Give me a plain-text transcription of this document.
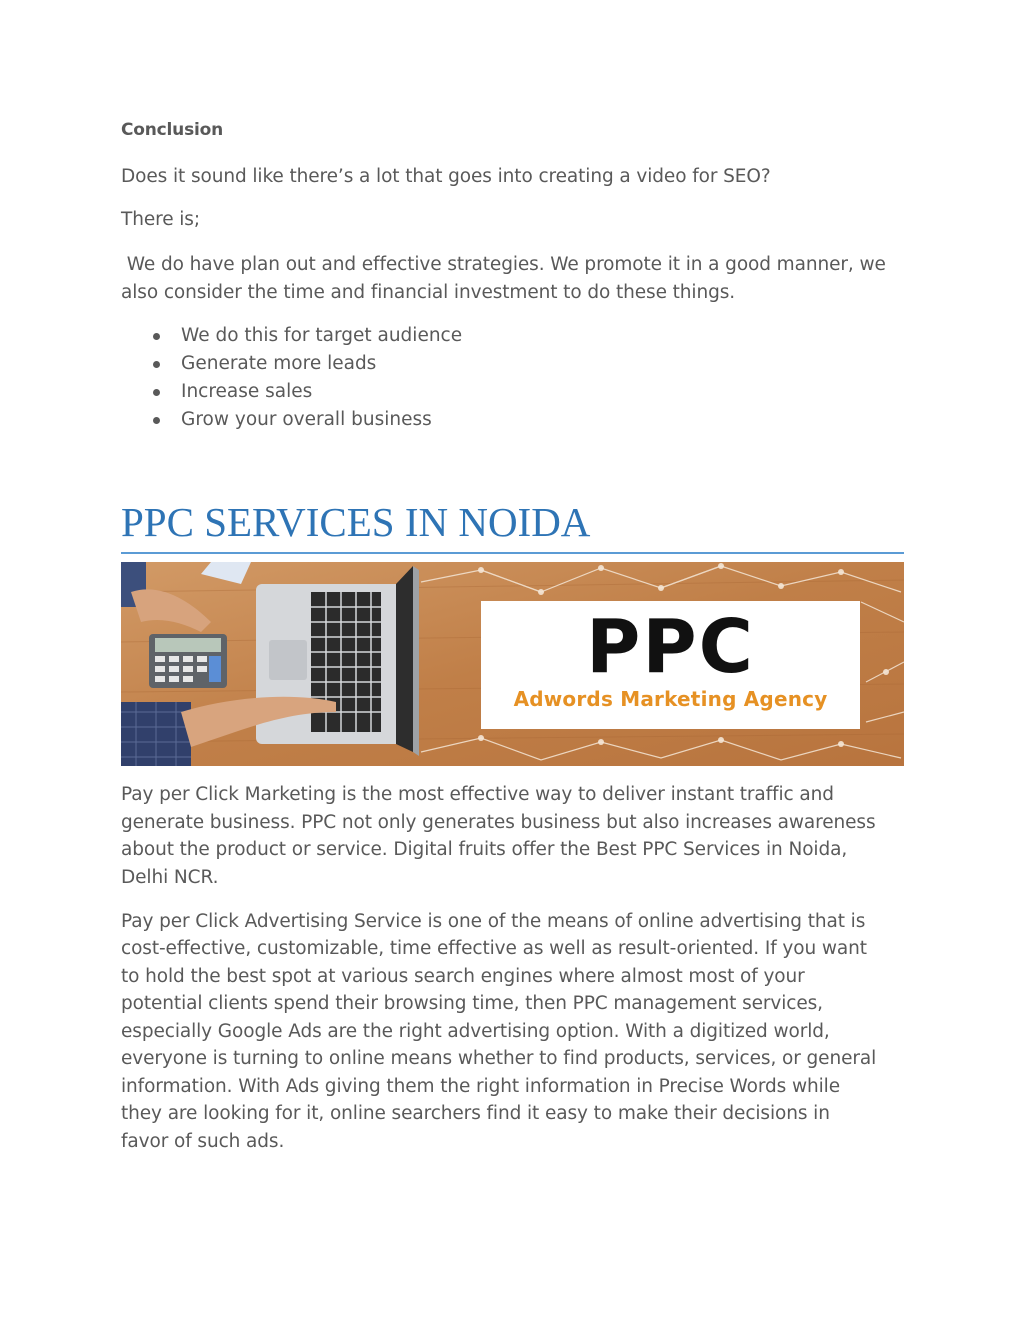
Conclusion
Does it sound like there’s a lot that goes into creating a video for SEO?
There is;
We do have plan out and effective strategies. We promote it in a good manner, we
also consider the time and financial investment to do these things.
We do this for target audience
Generate more leads
Increase sales
Grow your overall business
PPC SERVICES IN NOIDA
PPC
Adwords Marketing Agency
Pay per Click Marketing is the most effective way to deliver instant traffic and
generate business. PPC not only generates business but also increases awareness
about the product or service. Digital fruits offer the Best PPC Services in Noida,
Delhi NCR.
Pay per Click Advertising Service is one of the means of online advertising that is
cost-effective, customizable, time effective as well as result-oriented. If you want
to hold the best spot at various search engines where almost most of your
potential clients spend their browsing time, then PPC management services,
especially Google Ads are the right advertising option. With a digitized world,
everyone is turning to online means whether to find products, services, or general
information. With Ads giving them the right information in Precise Words while
they are looking for it, online searchers find it easy to make their decisions in
favor of such ads.
